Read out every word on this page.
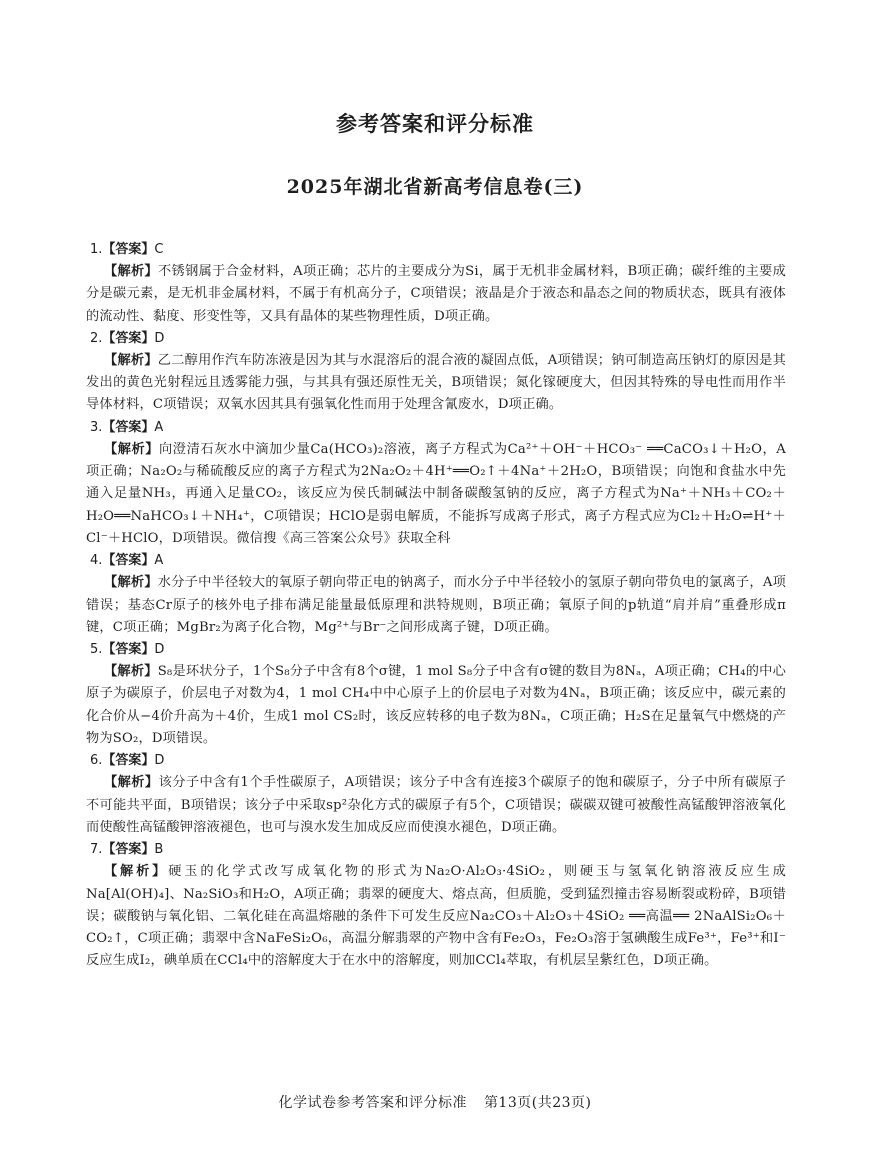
参考答案和评分标准
2025年湖北省新高考信息卷(三)

1.【答案】C

【解析】不锈钢属于合金材料，A项正确；芯片的主要成分为Si，属于无机非金属材料，B项正确；碳纤维的主要成分是碳元素，是无机非金属材料，不属于有机高分子，C项错误；液晶是介于液态和晶态之间的物质状态，既具有液体的流动性、黏度、形变性等，又具有晶体的某些物理性质，D项正确。

2.【答案】D

【解析】乙二醇用作汽车防冻液是因为其与水混溶后的混合液的凝固点低，A项错误；钠可制造高压钠灯的原因是其发出的黄色光射程远且透雾能力强，与其具有强还原性无关，B项错误；氮化镓硬度大，但因其特殊的导电性而用作半导体材料，C项错误；双氧水因其具有强氧化性而用于处理含氰废水，D项正确。

3.【答案】A

【解析】向澄清石灰水中滴加少量Ca(HCO₃)₂溶液，离子方程式为Ca²⁺＋OH⁻＋HCO₃⁻ ══CaCO₃↓＋H₂O，A项正确；Na₂O₂与稀硫酸反应的离子方程式为2Na₂O₂＋4H⁺══O₂↑＋4Na⁺＋2H₂O，B项错误；向饱和食盐水中先通入足量NH₃，再通入足量CO₂，该反应为侯氏制碱法中制备碳酸氢钠的反应，离子方程式为Na⁺＋NH₃＋CO₂＋H₂O══NaHCO₃↓＋NH₄⁺，C项错误；HClO是弱电解质，不能拆写成离子形式，离子方程式应为Cl₂＋H₂O⇌H⁺＋Cl⁻＋HClO，D项错误。微信搜《高三答案公众号》获取全科

4.【答案】A

【解析】水分子中半径较大的氧原子朝向带正电的钠离子，而水分子中半径较小的氢原子朝向带负电的氯离子，A项错误；基态Cr原子的核外电子排布满足能量最低原理和洪特规则，B项正确；氧原子间的p轨道“肩并肩”重叠形成π键，C项正确；MgBr₂为离子化合物，Mg²⁺与Br⁻之间形成离子键，D项正确。

5.【答案】D

【解析】S₈是环状分子，1个S₈分子中含有8个σ键，1 mol S₈分子中含有σ键的数目为8Nₐ，A项正确；CH₄的中心原子为碳原子，价层电子对数为4，1 mol CH₄中中心原子上的价层电子对数为4Nₐ，B项正确；该反应中，碳元素的化合价从−4价升高为＋4价，生成1 mol CS₂时，该反应转移的电子数为8Nₐ，C项正确；H₂S在足量氧气中燃烧的产物为SO₂，D项错误。

6.【答案】D

【解析】该分子中含有1个手性碳原子，A项错误；该分子中含有连接3个碳原子的饱和碳原子，分子中所有碳原子不可能共平面，B项错误；该分子中采取sp²杂化方式的碳原子有5个，C项错误；碳碳双键可被酸性高锰酸钾溶液氧化而使酸性高锰酸钾溶液褪色，也可与溴水发生加成反应而使溴水褪色，D项正确。

7.【答案】B

【解析】硬玉的化学式改写成氧化物的形式为Na₂O·Al₂O₃·4SiO₂，则硬玉与氢氧化钠溶液反应生成Na[Al(OH)₄]、Na₂SiO₃和H₂O，A项正确；翡翠的硬度大、熔点高，但质脆，受到猛烈撞击容易断裂或粉碎，B项错误；碳酸钠与氧化铝、二氧化硅在高温熔融的条件下可发生反应Na₂CO₃＋Al₂O₃＋4SiO₂ ══高温══ 2NaAlSi₂O₆＋CO₂↑，C项正确；翡翠中含NaFeSi₂O₆，高温分解翡翠的产物中含有Fe₂O₃，Fe₂O₃溶于氢碘酸生成Fe³⁺，Fe³⁺和I⁻反应生成I₂，碘单质在CCl₄中的溶解度大于在水中的溶解度，则加CCl₄萃取，有机层呈紫红色，D项正确。

化学试卷参考答案和评分标准 第13页(共23页)
